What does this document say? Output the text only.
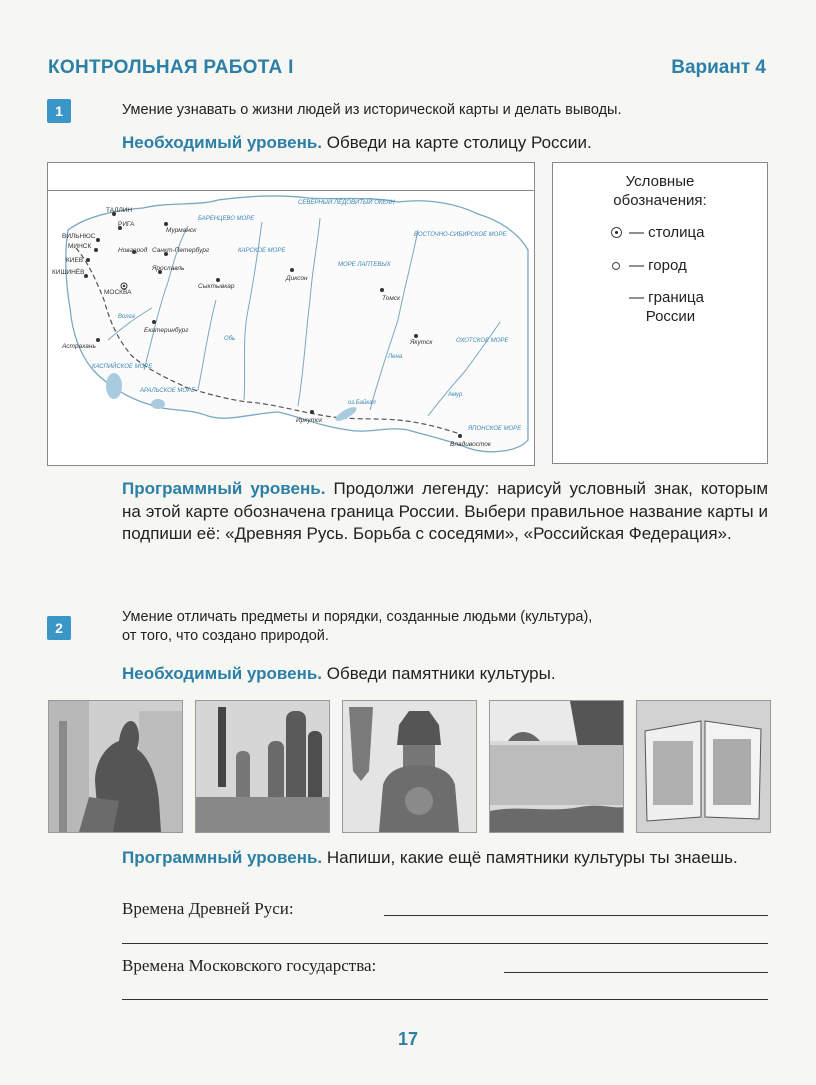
КОНТРОЛЬНАЯ РАБОТА I	Вариант 4
1	Умение узнавать о жизни людей из исторической карты и делать выводы.
Необходимый уровень. Обведи на карте столицу России.
ТАЛЛИН
РИГА
ВИЛЬНЮС
МИНСК
КИЕВ
КИШИНЁВ
МОСКВА
Мурманск
Новгород Санкт-Петербург
Ярославль
Сыктывкар
Екатеринбург
Астрахань
Диксон
Томск
Якутск
Иркутск
Владивосток
БАРЕНЦЕВО МОРЕ
КАРСКОЕ МОРЕ
МОРЕ ЛАПТЕВЫХ
ВОСТОЧНО-СИБИРСКОЕ МОРЕ
ОХОТСКОЕ МОРЕ
ЯПОНСКОЕ МОРЕ
КАСПИЙСКОЕ МОРЕ
АРАЛЬСКОЕ МОРЕ
СЕВЕРНЫЙ ЛЕДОВИТЫЙ ОКЕАН
оз.Байкал
Обь
Лена
Амур
Волга
Условные
обозначения:
— столица
— город
— граница
России
Программный уровень. Продолжи легенду: нарисуй условный знак, которым на этой карте обозначена граница России. Выбери правильное название карты и подпиши её: «Древняя Русь. Борьба с соседями», «Российская Федерация».
2
Умение отличать предметы и порядки, созданные людьми (культура),
от того, что создано природой.
Необходимый уровень. Обведи памятники культуры.
Программный уровень. Напиши, какие ещё памятники культуры ты знаешь.
Времена Древней Руси:
Времена Московского государства:
17
